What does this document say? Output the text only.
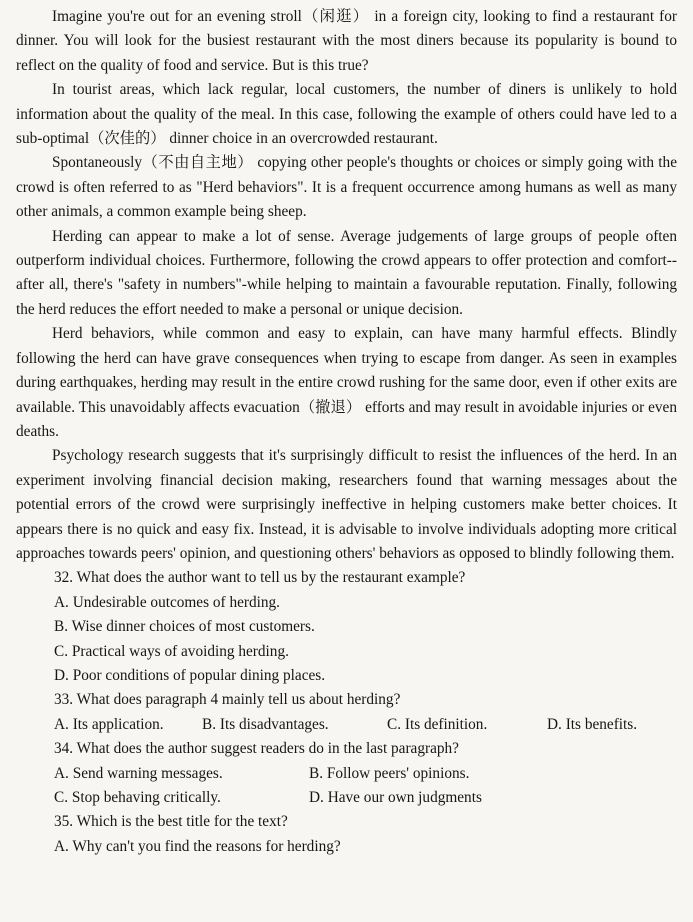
Imagine you're out for an evening stroll（闲逛） in a foreign city, looking to find a restaurant for dinner. You will look for the busiest restaurant with the most diners because its popularity is bound to reflect on the quality of food and service. But is this true?

In tourist areas, which lack regular, local customers, the number of diners is unlikely to hold information about the quality of the meal. In this case, following the example of others could have led to a sub-optimal（次佳的） dinner choice in an overcrowded restaurant.

Spontaneously（不由自主地） copying other people's thoughts or choices or simply going with the crowd is often referred to as "Herd behaviors". It is a frequent occurrence among humans as well as many other animals, a common example being sheep.

Herding can appear to make a lot of sense. Average judgements of large groups of people often outperform individual choices. Furthermore, following the crowd appears to offer protection and comfort--after all, there's "safety in numbers"-while helping to maintain a favourable reputation. Finally, following the herd reduces the effort needed to make a personal or unique decision.

Herd behaviors, while common and easy to explain, can have many harmful effects. Blindly following the herd can have grave consequences when trying to escape from danger. As seen in examples during earthquakes, herding may result in the entire crowd rushing for the same door, even if other exits are available. This unavoidably affects evacuation（撤退） efforts and may result in avoidable injuries or even deaths.

Psychology research suggests that it's surprisingly difficult to resist the influences of the herd. In an experiment involving financial decision making, researchers found that warning messages about the potential errors of the crowd were surprisingly ineffective in helping customers make better choices. It appears there is no quick and easy fix. Instead, it is advisable to involve individuals adopting more critical approaches towards peers' opinion, and questioning others' behaviors as opposed to blindly following them.

32. What does the author want to tell us by the restaurant example?

A. Undesirable outcomes of herding.

B. Wise dinner choices of most customers.

C. Practical ways of avoiding herding.

D. Poor conditions of popular dining places.

33. What does paragraph 4 mainly tell us about herding?

A. Its application.	B. Its disadvantages.	C. Its definition.	D. Its benefits.

34. What does the author suggest readers do in the last paragraph?

A. Send warning messages.	B. Follow peers' opinions.
C. Stop behaving critically.	D. Have our own judgments

35. Which is the best title for the text?

A. Why can't you find the reasons for herding?
